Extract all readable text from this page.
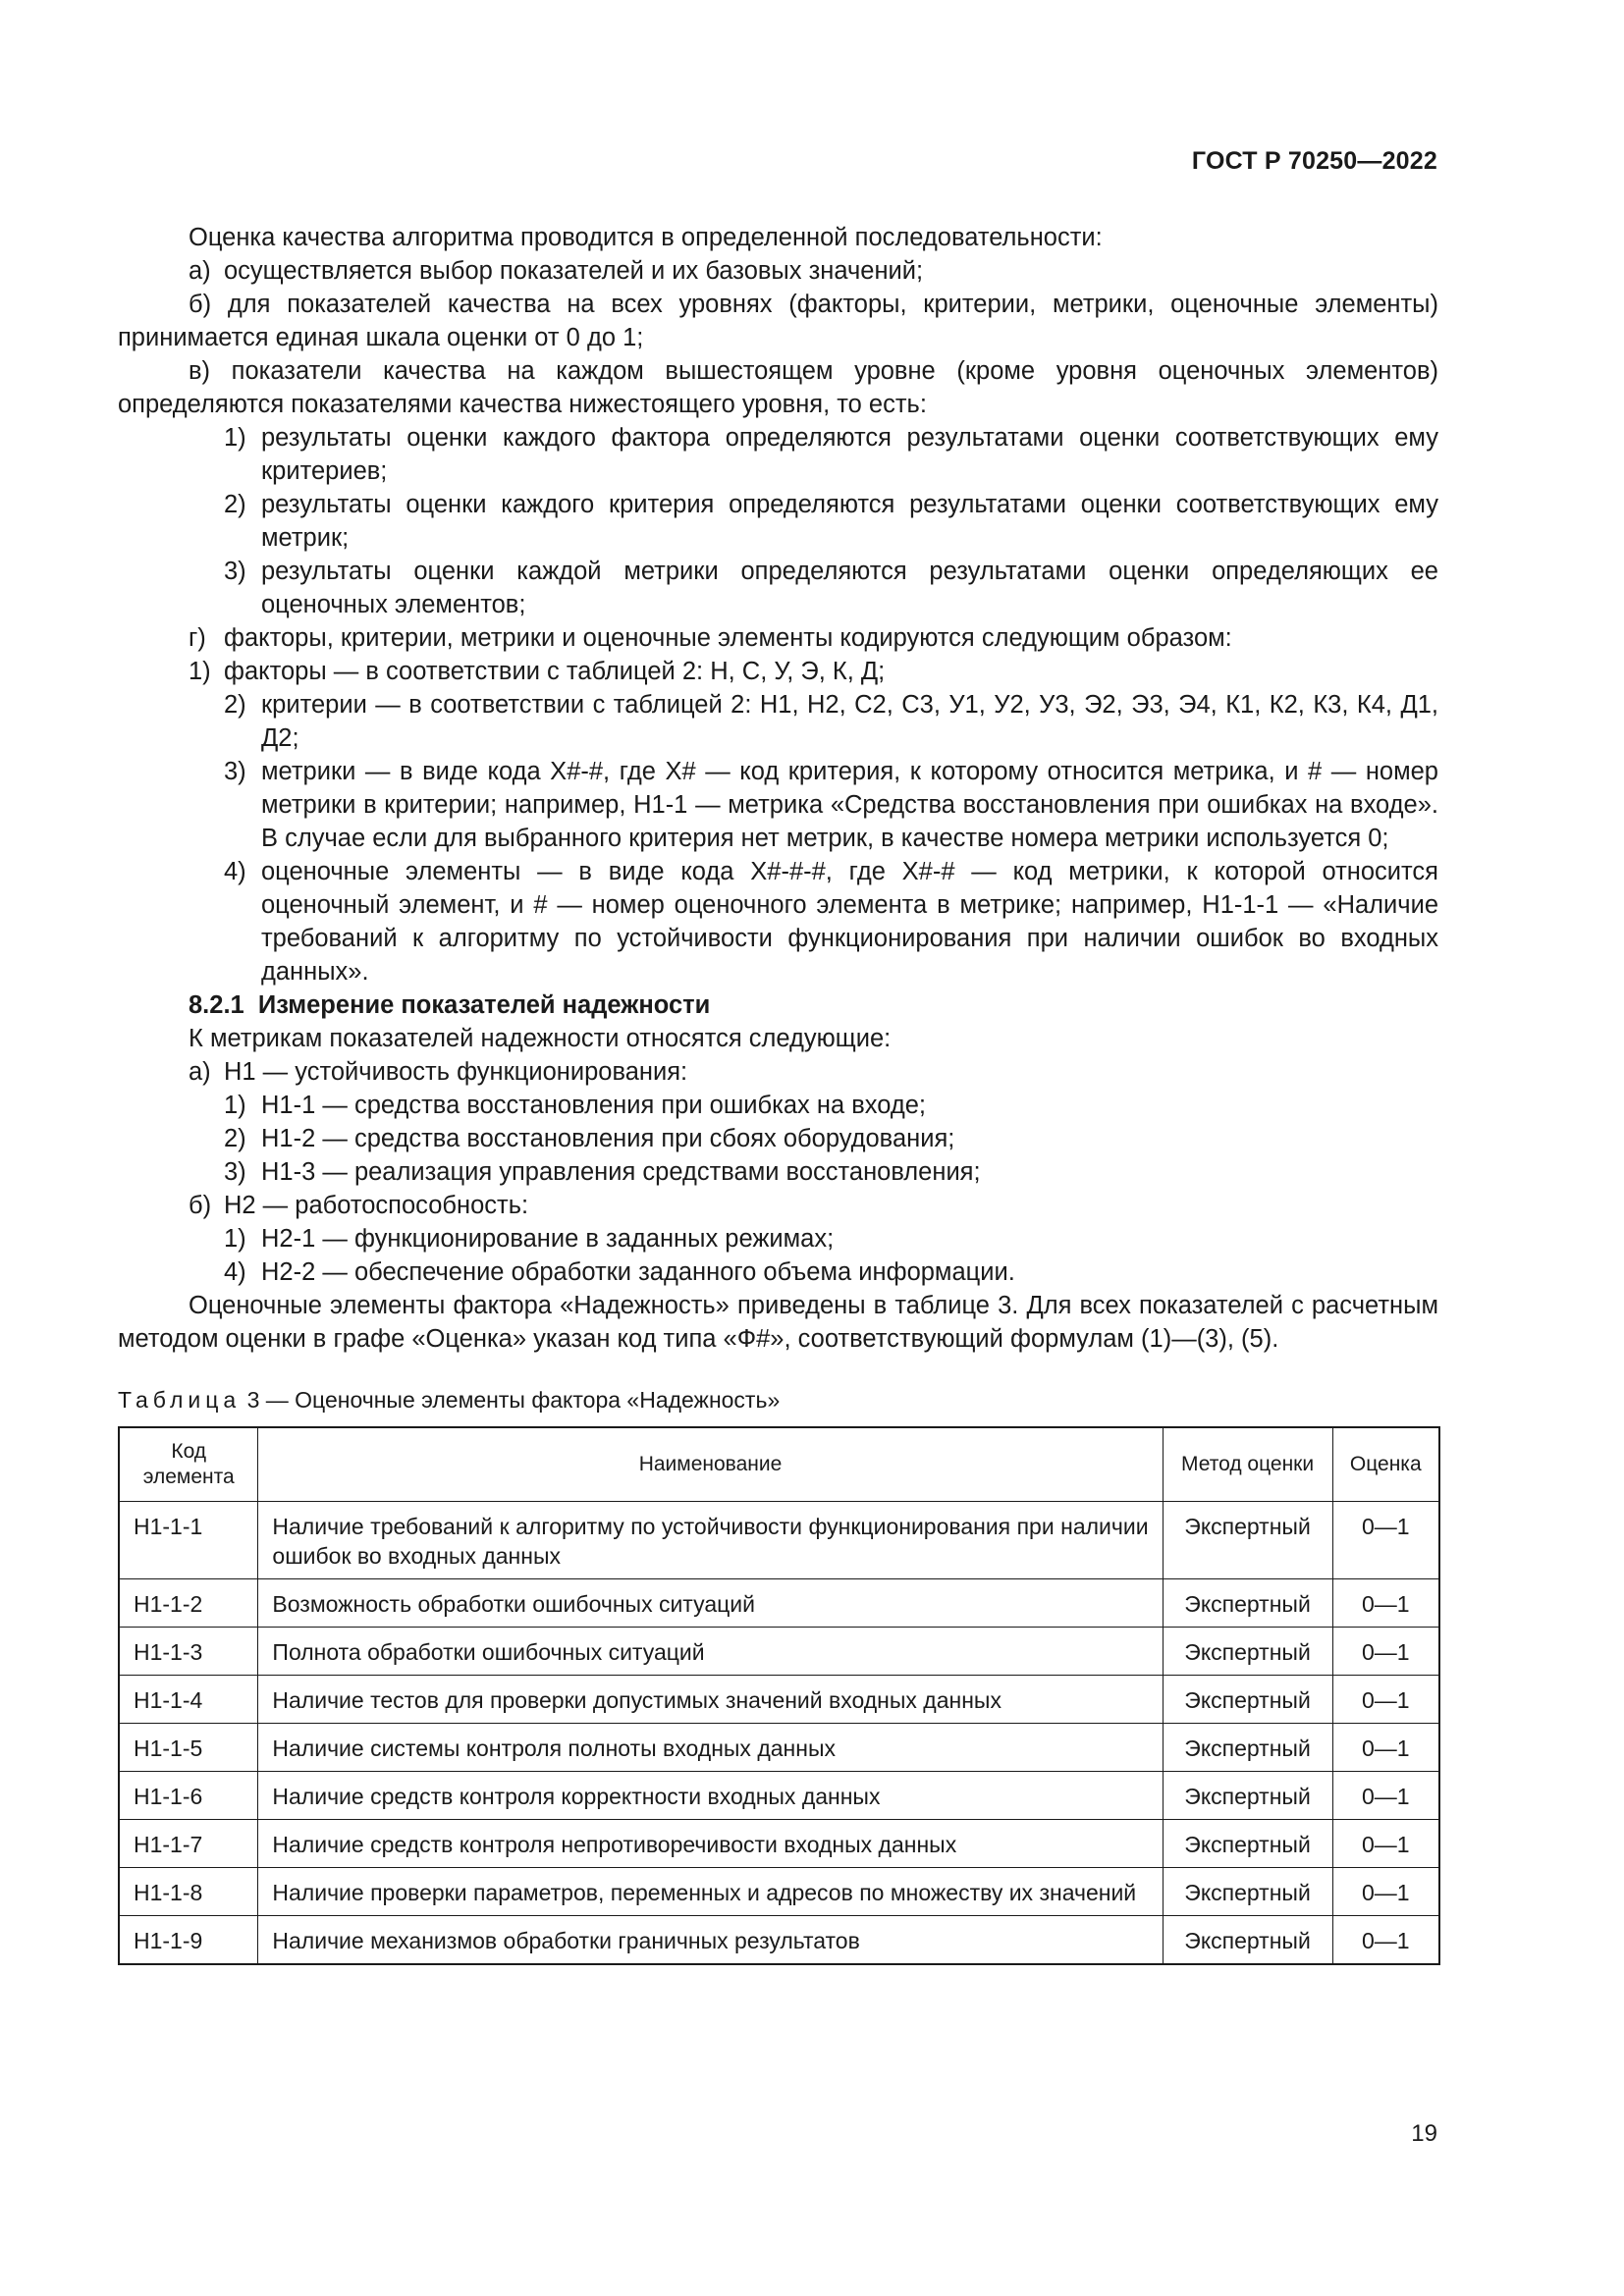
ГОСТ Р 70250—2022

Оценка качества алгоритма проводится в определенной последовательности:

а) осуществляется выбор показателей и их базовых значений;

б) для показателей качества на всех уровнях (факторы, критерии, метрики, оценочные элементы) принимается единая шкала оценки от 0 до 1;

в) показатели качества на каждом вышестоящем уровне (кроме уровня оценочных элементов) определяются показателями качества нижестоящего уровня, то есть:

1) результаты оценки каждого фактора определяются результатами оценки соответствующих ему критериев;
2) результаты оценки каждого критерия определяются результатами оценки соответствующих ему метрик;
3) результаты оценки каждой метрики определяются результатами оценки определяющих ее оценочных элементов;
г) факторы, критерии, метрики и оценочные элементы кодируются следующим образом:
1) факторы — в соответствии с таблицей 2: Н, С, У, Э, К, Д;
2) критерии — в соответствии с таблицей 2: Н1, Н2, С2, С3, У1, У2, У3, Э2, Э3, Э4, К1, К2, К3, К4, Д1, Д2;
3) метрики — в виде кода Х#-#, где Х# — код критерия, к которому относится метрика, и # — номер метрики в критерии; например, Н1-1 — метрика «Средства восстановления при ошибках на входе». В случае если для выбранного критерия нет метрик, в качестве номера метрики используется 0;
4) оценочные элементы — в виде кода Х#-#-#, где Х#-# — код метрики, к которой относится оценочный элемент, и # — номер оценочного элемента в метрике; например, Н1-1-1 — «Наличие требований к алгоритму по устойчивости функционирования при наличии ошибок во входных данных».

8.2.1 Измерение показателей надежности

К метрикам показателей надежности относятся следующие:

а) Н1 — устойчивость функционирования:
1) Н1-1 — средства восстановления при ошибках на входе;
2) Н1-2 — средства восстановления при сбоях оборудования;
3) Н1-3 — реализация управления средствами восстановления;
б) Н2 — работоспособность:
1) Н2-1 — функционирование в заданных режимах;
4) Н2-2 — обеспечение обработки заданного объема информации.

Оценочные элементы фактора «Надежность» приведены в таблице 3. Для всех показателей с расчетным методом оценки в графе «Оценка» указан код типа «Ф#», соответствующий формулам (1)—(3), (5).

Таблица 3 — Оценочные элементы фактора «Надежность»

Код элемента	Наименование	Метод оценки	Оценка
Н1-1-1	Наличие требований к алгоритму по устойчивости функционирования при наличии ошибок во входных данных	Экспертный	0—1
Н1-1-2	Возможность обработки ошибочных ситуаций	Экспертный	0—1
Н1-1-3	Полнота обработки ошибочных ситуаций	Экспертный	0—1
Н1-1-4	Наличие тестов для проверки допустимых значений входных данных	Экспертный	0—1
Н1-1-5	Наличие системы контроля полноты входных данных	Экспертный	0—1
Н1-1-6	Наличие средств контроля корректности входных данных	Экспертный	0—1
Н1-1-7	Наличие средств контроля непротиворечивости входных данных	Экспертный	0—1
Н1-1-8	Наличие проверки параметров, переменных и адресов по множеству их значений	Экспертный	0—1
Н1-1-9	Наличие механизмов обработки граничных результатов	Экспертный	0—1
19
